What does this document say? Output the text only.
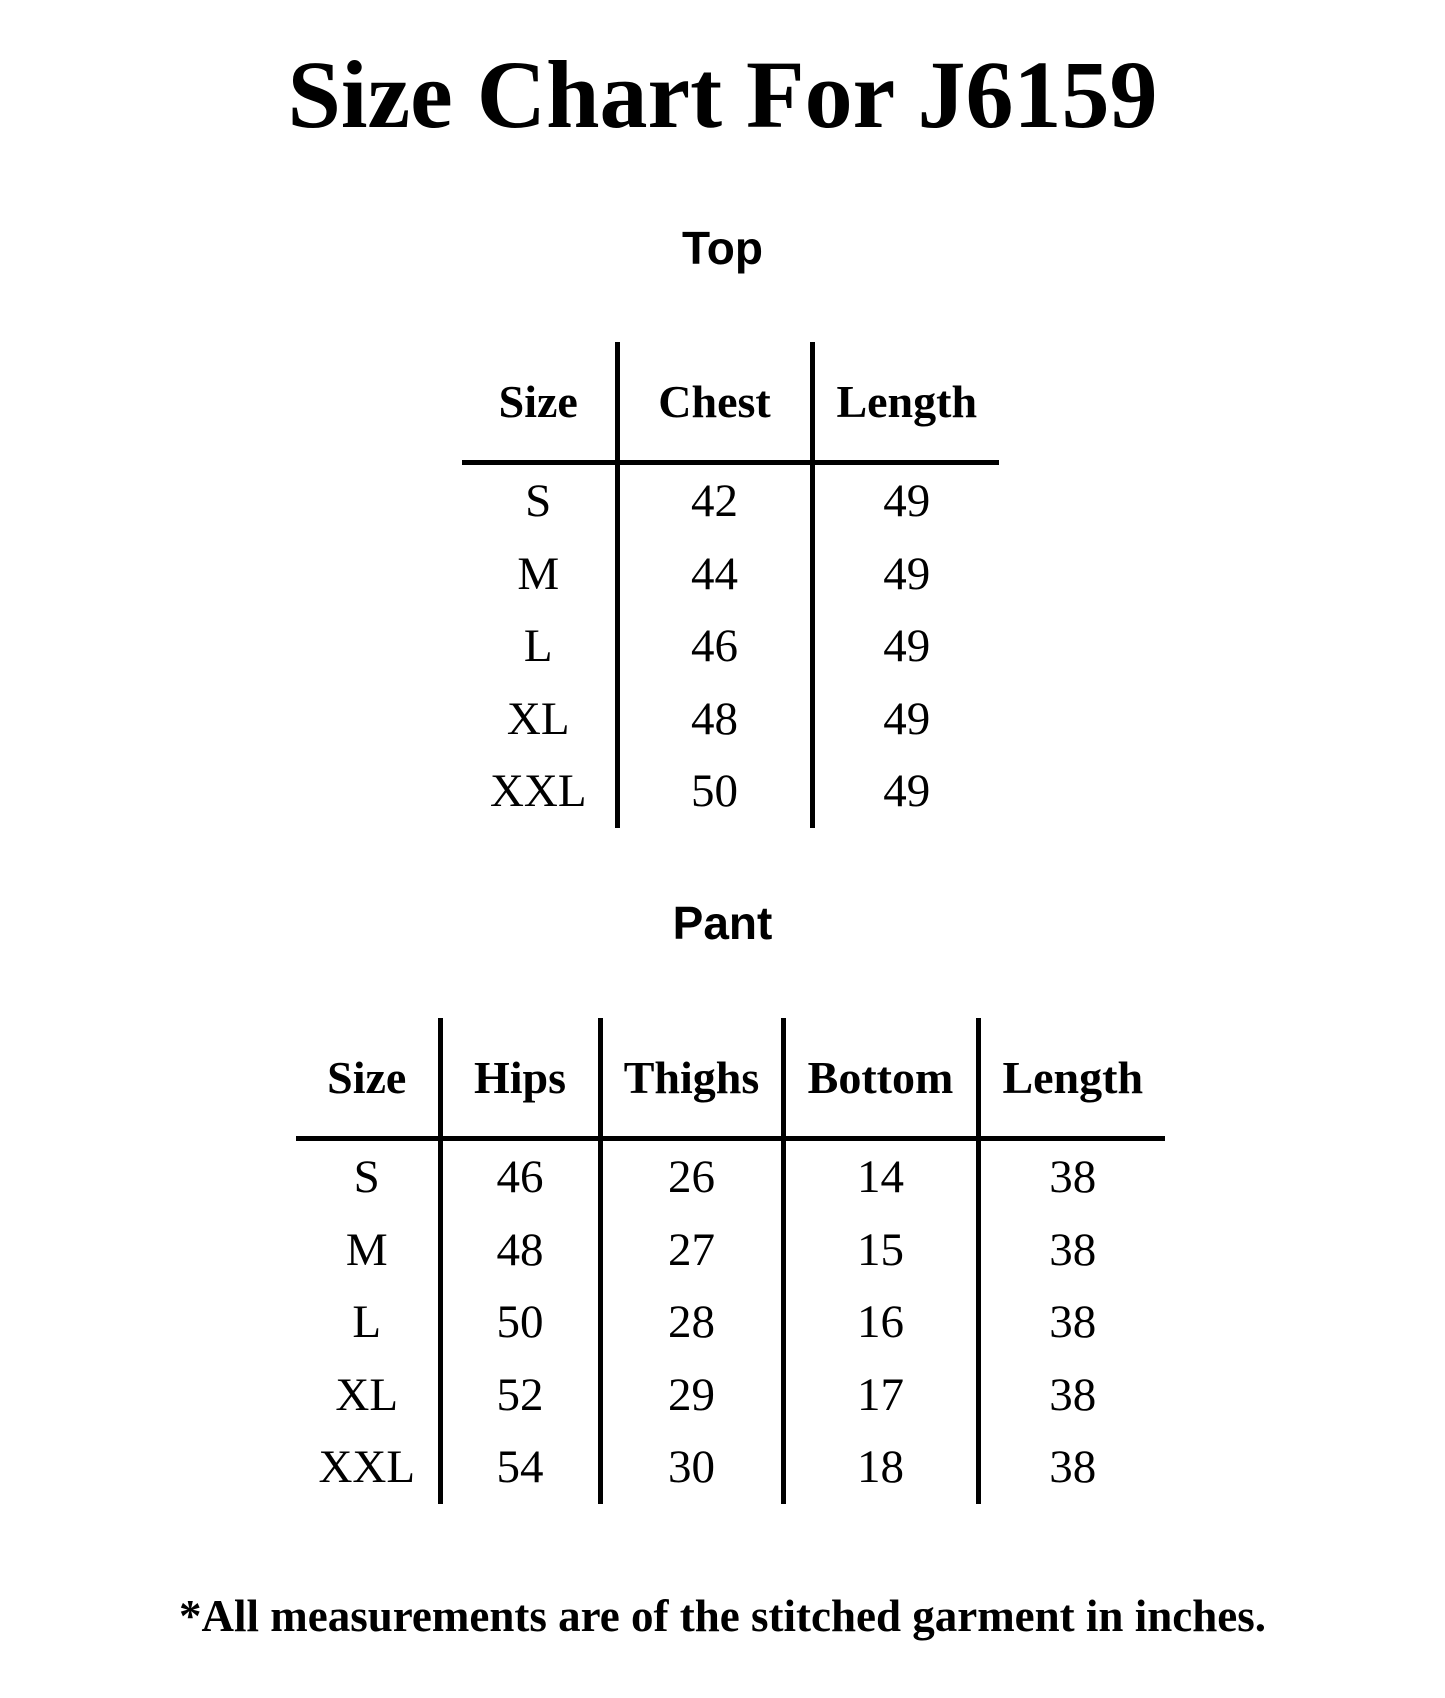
Size Chart For J6159
Top
Size	Chest	Length
S	42	49
M	44	49
L	46	49
XL	48	49
XXL	50	49
Pant
Size	Hips	Thighs	Bottom	Length
S	46	26	14	38
M	48	27	15	38
L	50	28	16	38
XL	52	29	17	38
XXL	54	30	18	38

*All measurements are of the stitched garment in inches.
